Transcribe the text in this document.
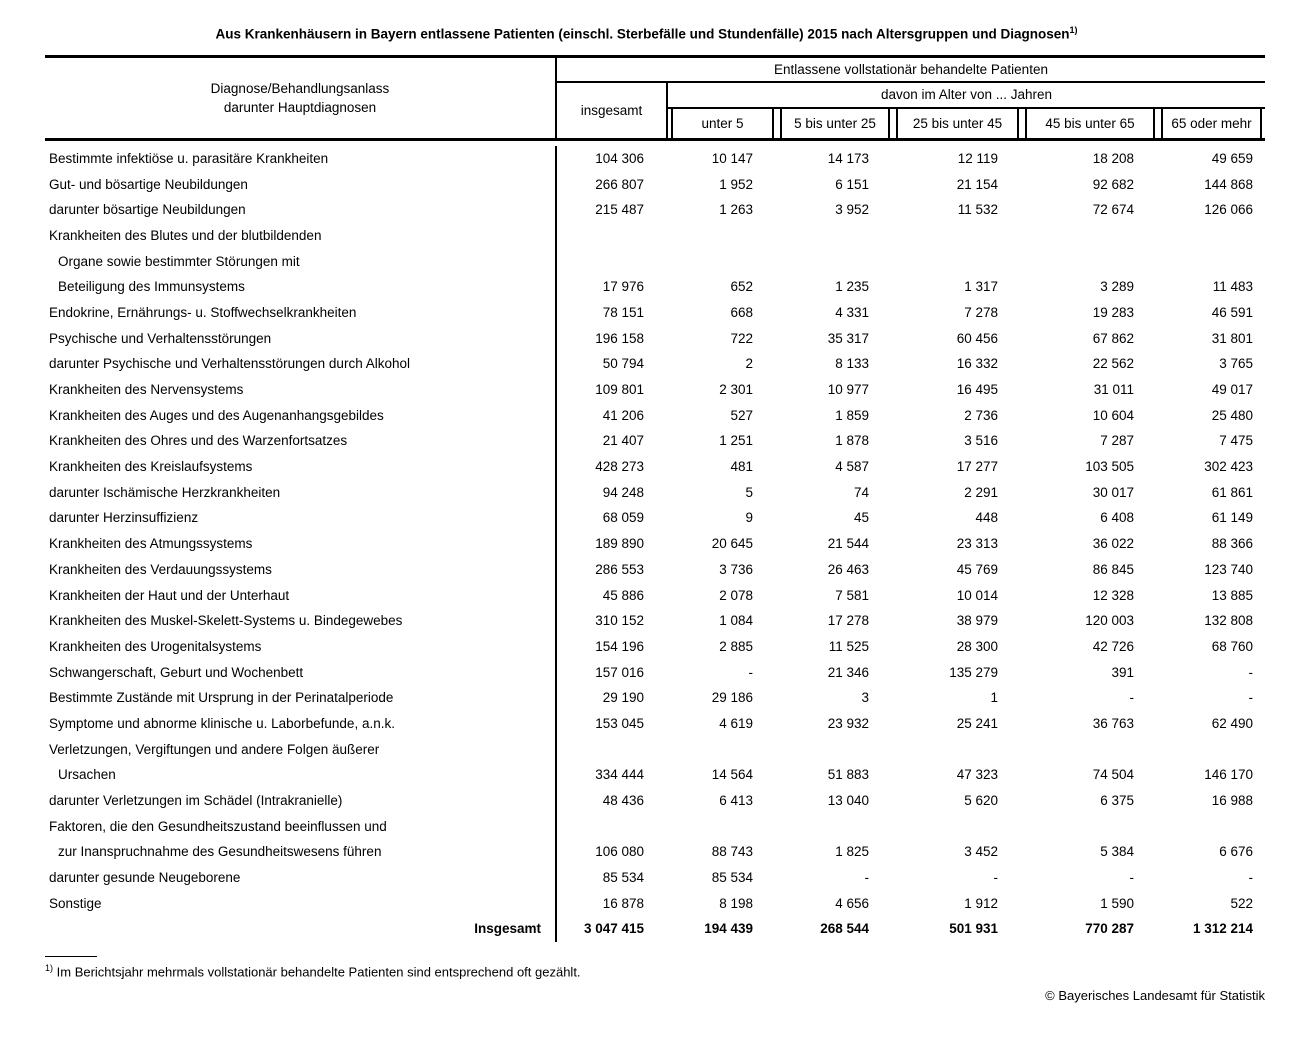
Aus Krankenhäusern in Bayern entlassene Patienten (einschl. Sterbefälle und Stundenfälle) 2015 nach Altersgruppen und Diagnosen$^{1)}$
Diagnose/Behandlungsanlass
darunter Hauptdiagnosen
Entlassene vollstationär behandelte Patienten
insgesamt
davon im Alter von ... Jahren
unter 5	5 bis unter 25	25 bis unter 45	45 bis unter 65	65 oder mehr
Bestimmte infektiöse u. parasitäre Krankheiten	104 306	10 147	14 173	12 119	18 208	49 659
Gut- und bösartige Neubildungen	266 807	1 952	6 151	21 154	92 682	144 868
darunter bösartige Neubildungen	215 487	1 263	3 952	11 532	72 674	126 066
Krankheiten des Blutes und der blutbildenden
Organe sowie bestimmter Störungen mit
Beteiligung des Immunsystems	17 976	652	1 235	1 317	3 289	11 483
Endokrine, Ernährungs- u. Stoffwechselkrankheiten	78 151	668	4 331	7 278	19 283	46 591
Psychische und Verhaltensstörungen	196 158	722	35 317	60 456	67 862	31 801
darunter Psychische und Verhaltensstörungen durch Alkohol	50 794	2	8 133	16 332	22 562	3 765
Krankheiten des Nervensystems	109 801	2 301	10 977	16 495	31 011	49 017
Krankheiten des Auges und des Augenanhangsgebildes	41 206	527	1 859	2 736	10 604	25 480
Krankheiten des Ohres und des Warzenfortsatzes	21 407	1 251	1 878	3 516	7 287	7 475
Krankheiten des Kreislaufsystems	428 273	481	4 587	17 277	103 505	302 423
darunter Ischämische Herzkrankheiten	94 248	5	74	2 291	30 017	61 861
darunter Herzinsuffizienz	68 059	9	45	448	6 408	61 149
Krankheiten des Atmungssystems	189 890	20 645	21 544	23 313	36 022	88 366
Krankheiten des Verdauungssystems	286 553	3 736	26 463	45 769	86 845	123 740
Krankheiten der Haut und der Unterhaut	45 886	2 078	7 581	10 014	12 328	13 885
Krankheiten des Muskel-Skelett-Systems u. Bindegewebes	310 152	1 084	17 278	38 979	120 003	132 808
Krankheiten des Urogenitalsystems	154 196	2 885	11 525	28 300	42 726	68 760
Schwangerschaft, Geburt und Wochenbett	157 016	-	21 346	135 279	391	-
Bestimmte Zustände mit Ursprung in der Perinatalperiode	29 190	29 186	3	1	-	-
Symptome und abnorme klinische u. Laborbefunde, a.n.k.	153 045	4 619	23 932	25 241	36 763	62 490
Verletzungen, Vergiftungen und andere Folgen äußerer
Ursachen	334 444	14 564	51 883	47 323	74 504	146 170
darunter Verletzungen im Schädel (Intrakranielle)	48 436	6 413	13 040	5 620	6 375	16 988
Faktoren, die den Gesundheitszustand beeinflussen und
zur Inanspruchnahme des Gesundheitswesens führen	106 080	88 743	1 825	3 452	5 384	6 676
darunter gesunde Neugeborene	85 534	85 534	-	-	-	-
Sonstige	16 878	8 198	4 656	1 912	1 590	522
Insgesamt	3 047 415	194 439	268 544	501 931	770 287	1 312 214
$^{1)}$ Im Berichtsjahr mehrmals vollstationär behandelte Patienten sind entsprechend oft gezählt.
© Bayerisches Landesamt für Statistik
